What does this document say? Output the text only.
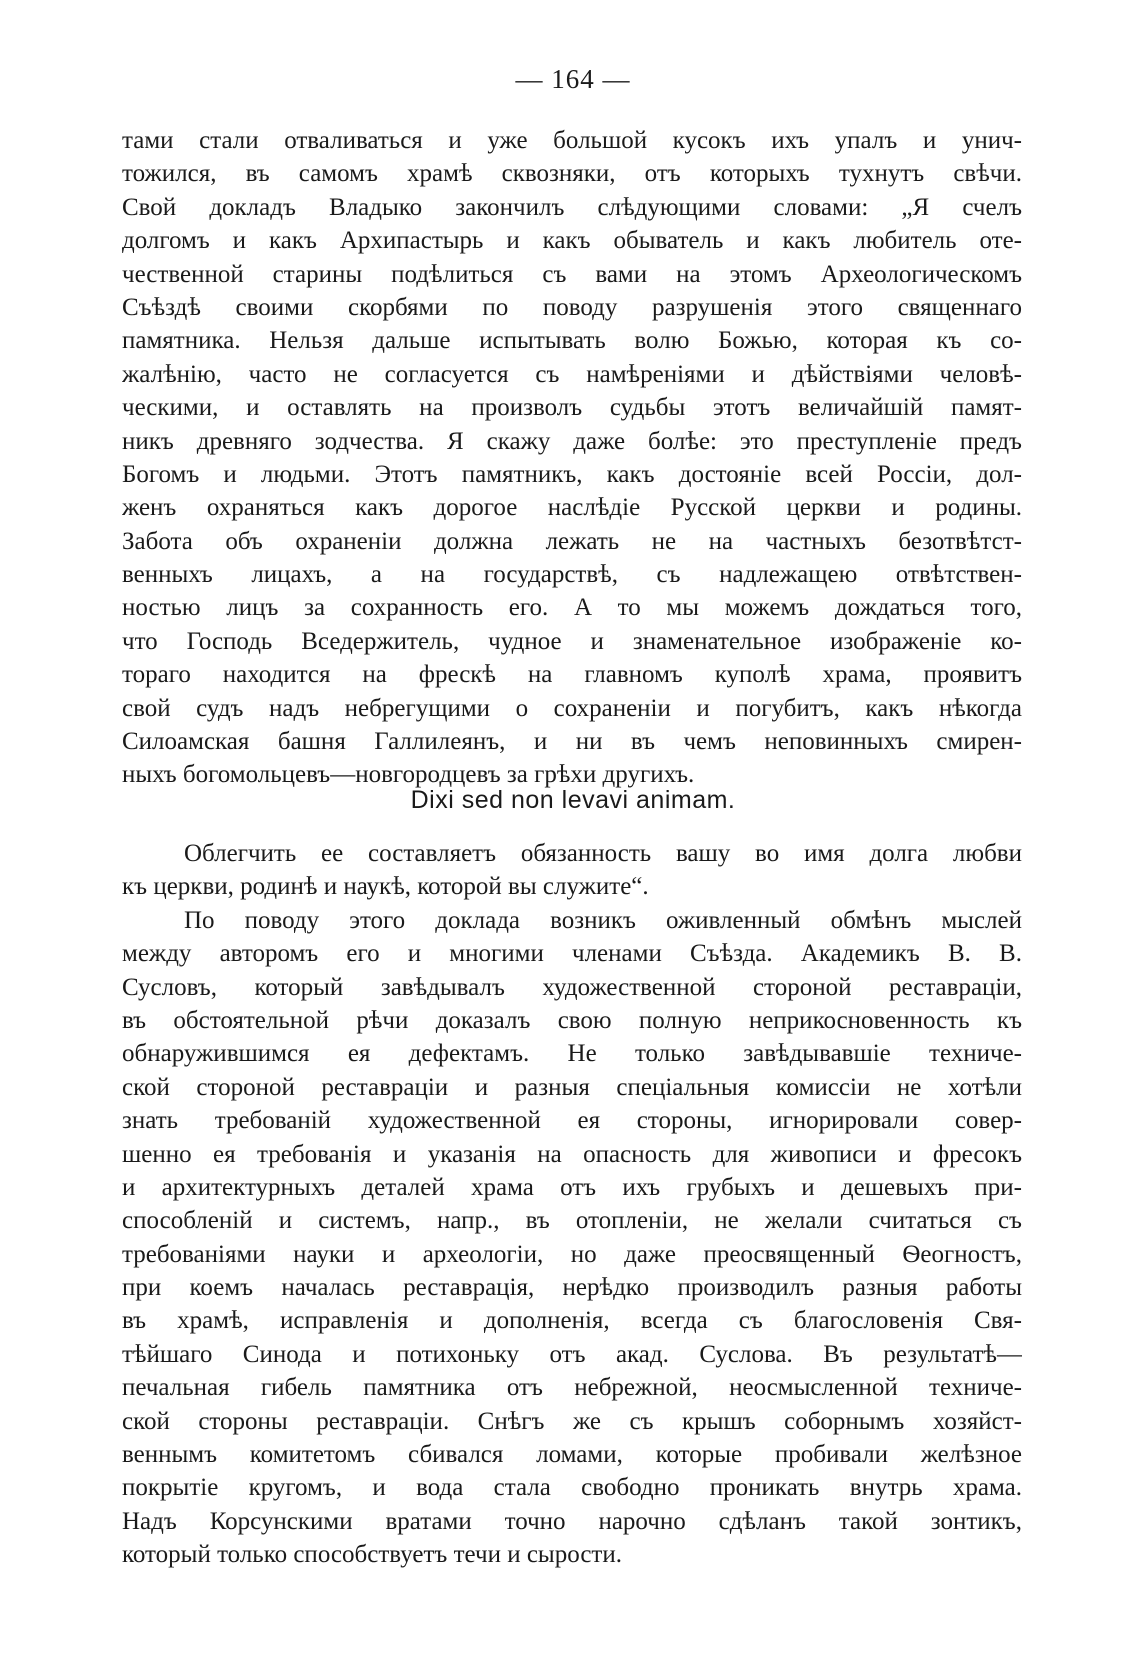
— 164 —
тами стали отваливаться и уже большой кусокъ ихъ упалъ и унич-
тожился, въ самомъ храмѣ сквозняки, отъ которыхъ тухнутъ свѣчи.
Свой докладъ Владыко закончилъ слѣдующими словами: „Я счелъ
долгомъ и какъ Архипастырь и какъ обыватель и какъ любитель оте-
чественной старины подѣлиться съ вами на этомъ Археологическомъ
Съѣздѣ своими скорбями по поводу разрушенія этого священнаго
памятника. Нельзя дальше испытывать волю Божью, которая къ со-
жалѣнію, часто не согласуется съ намѣреніями и дѣйствіями человѣ-
ческими, и оставлять на произволъ судьбы этотъ величайшій памят-
никъ древняго зодчества. Я скажу даже болѣе: это преступленіе предъ
Богомъ и людьми. Этотъ памятникъ, какъ достояніе всей Россіи, дол-
женъ охраняться какъ дорогое наслѣдіе Русской церкви и родины.
Забота объ охраненіи должна лежать не на частныхъ безотвѣтст-
венныхъ лицахъ, а на государствѣ, съ надлежащею отвѣтствен-
ностью лицъ за сохранность его. А то мы можемъ дождаться того,
что Господь Вседержитель, чудное и знаменательное изображеніе ко-
тораго находится на фрескѣ на главномъ куполѣ храма, проявитъ
свой судъ надъ небрегущими о сохраненіи и погубитъ, какъ нѣкогда
Силоамская башня Галлилеянъ, и ни въ чемъ неповинныхъ смирен-
ныхъ богомольцевъ—новгородцевъ за грѣхи другихъ.
Dixi sed non levavi animam.
Облегчить ее составляетъ обязанность вашу во имя долга любви
къ церкви, родинѣ и наукѣ, которой вы служите“.
По поводу этого доклада возникъ оживленный обмѣнъ мыслей
между авторомъ его и многими членами Съѣзда. Академикъ В. В.
Сусловъ, который завѣдывалъ художественной стороной реставраціи,
въ обстоятельной рѣчи доказалъ свою полную неприкосновенность къ
обнаружившимся ея дефектамъ. Не только завѣдывавшіе техниче-
ской стороной реставраціи и разныя спеціальныя комиссіи не хотѣли
знать требованій художественной ея стороны, игнорировали совер-
шенно ея требованія и указанія на опасность для живописи и фресокъ
и архитектурныхъ деталей храма отъ ихъ грубыхъ и дешевыхъ при-
способленій и системъ, напр., въ отопленіи, не желали считаться съ
требованіями науки и археологіи, но даже преосвященный Ѳеогностъ,
при коемъ началась реставрація, нерѣдко производилъ разныя работы
въ храмѣ, исправленія и дополненія, всегда съ благословенія Свя-
тѣйшаго Синода и потихоньку отъ акад. Суслова. Въ результатѣ—
печальная гибель памятника отъ небрежной, неосмысленной техниче-
ской стороны реставраціи. Снѣгъ же съ крышъ соборнымъ хозяйст-
веннымъ комитетомъ сбивался ломами, которые пробивали желѣзное
покрытіе кругомъ, и вода стала свободно проникать внутрь храма.
Надъ Корсунскими вратами точно нарочно сдѣланъ такой зонтикъ,
который только способствуетъ течи и сырости.
